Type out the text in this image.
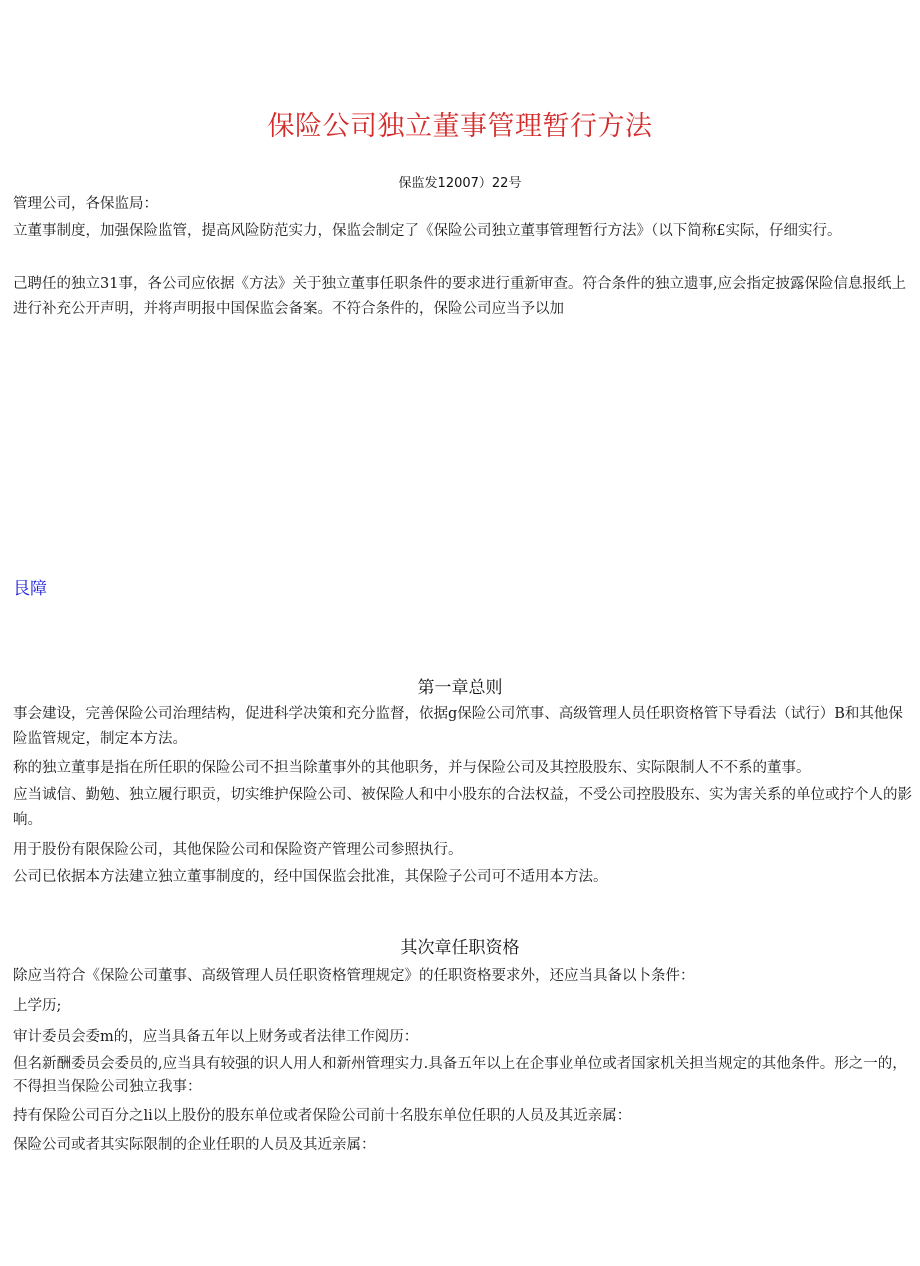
保险公司独立董事管理暂行方法
保监发12007）22号

管理公司，各保监局：

立董事制度，加强保险监管，提高风险防范实力，保监会制定了《保险公司独立董事管理暂行方法》（以下简称£实际，仔细实行。

己聘任的独立31事，各公司应依据《方法》关于独立董事任职条件的要求进行重新审查。符合条件的独立遗事,应会指定披露保险信息报纸上进行补充公开声明，并将声明报中国保监会备案。不符合条件的，保险公司应当予以加

艮障
第一章总则

事会建设，完善保险公司治理结构，促进科学决策和充分监督，依据g保险公司笊事、高级管理人员任职资格管下导看法（试行）B和其他保险监管规定，制定本方法。

称的独立董事是指在所任职的保险公司不担当除董事外的其他职务，并与保险公司及其控股股东、实际限制人不不系的董事。

应当诚信、勤勉、独立履行职贡，切实维护保险公司、被保险人和中小股东的合法权益，不受公司控股股东、实为害关系的单位或拧个人的影响。

用于股份有限保险公司，其他保险公司和保险资产管理公司参照执行。

公司已依据本方法建立独立董事制度的，经中国保监会批准，其保险子公司可不适用本方法。

其次章任职资格

除应当符合《保险公司董事、高级管理人员任职资格管理规定》的任职资格要求外，还应当具备以卜条件：

上学历;

审计委员会委m的，应当具备五年以上财务或者法律工作阅历：

但名新酬委员会委员的,应当具有较强的识人用人和新州管理实力.具备五年以上在企事业单位或者国家机关担当规定的其他条件。形之一的，不得担当保险公司独立我事：

持有保险公司百分之li以上股份的股东单位或者保险公司前十名股东单位任职的人员及其近亲属：

保险公司或者其实际限制的企业任职的人员及其近亲属：
